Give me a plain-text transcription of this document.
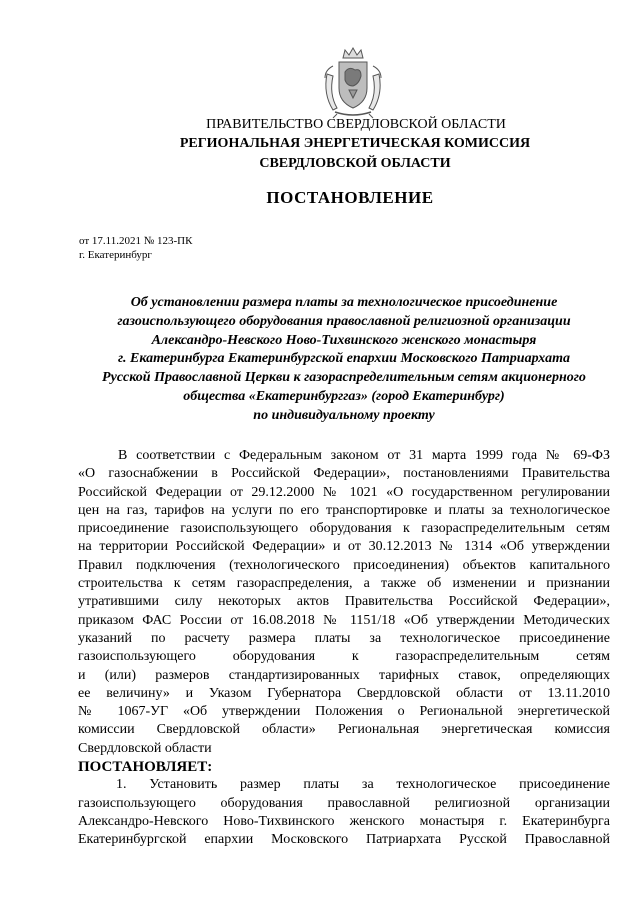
ПРАВИТЕЛЬСТВО СВЕРДЛОВСКОЙ ОБЛАСТИ
РЕГИОНАЛЬНАЯ ЭНЕРГЕТИЧЕСКАЯ КОМИССИЯ
СВЕРДЛОВСКОЙ ОБЛАСТИ
ПОСТАНОВЛЕНИЕ
от 17.11.2021 № 123-ПК
г. Екатеринбург
Об установлении размера платы за технологическое присоединение
газоиспользующего оборудования православной религиозной организации
Александро-Невского Ново-Тихвинского женского монастыря
г. Екатеринбурга Екатеринбургской епархии Московского Патриархата
Русской Православной Церкви к газораспределительным сетям акционерного
общества «Екатеринбурггаз» (город Екатеринбург)
по индивидуальному проекту
В соответствии с Федеральным законом от 31 марта 1999 года № 69-ФЗ
«О газоснабжении в Российской Федерации», постановлениями Правительства
Российской Федерации от 29.12.2000 № 1021 «О государственном регулировании
цен на газ, тарифов на услуги по его транспортировке и платы за технологическое
присоединение газоиспользующего оборудования к газораспределительным сетям
на территории Российской Федерации» и от 30.12.2013 № 1314 «Об утверждении
Правил подключения (технологического присоединения) объектов капитального
строительства к сетям газораспределения, а также об изменении и признании
утратившими силу некоторых актов Правительства Российской Федерации»,
приказом ФАС России от 16.08.2018 № 1151/18 «Об утверждении Методических
указаний по расчету размера платы за технологическое присоединение
газоиспользующего оборудования к газораспределительным сетям
и (или) размеров стандартизированных тарифных ставок, определяющих
ее величину» и Указом Губернатора Свердловской области от 13.11.2010
№ 1067-УГ «Об утверждении Положения о Региональной энергетической
комиссии Свердловской области» Региональная энергетическая комиссия
Свердловской области
ПОСТАНОВЛЯЕТ:
1. Установить размер платы за технологическое присоединение
газоиспользующего оборудования православной религиозной организации
Александро-Невского Ново-Тихвинского женского монастыря г. Екатеринбурга
Екатеринбургской епархии Московского Патриархата Русской Православной
